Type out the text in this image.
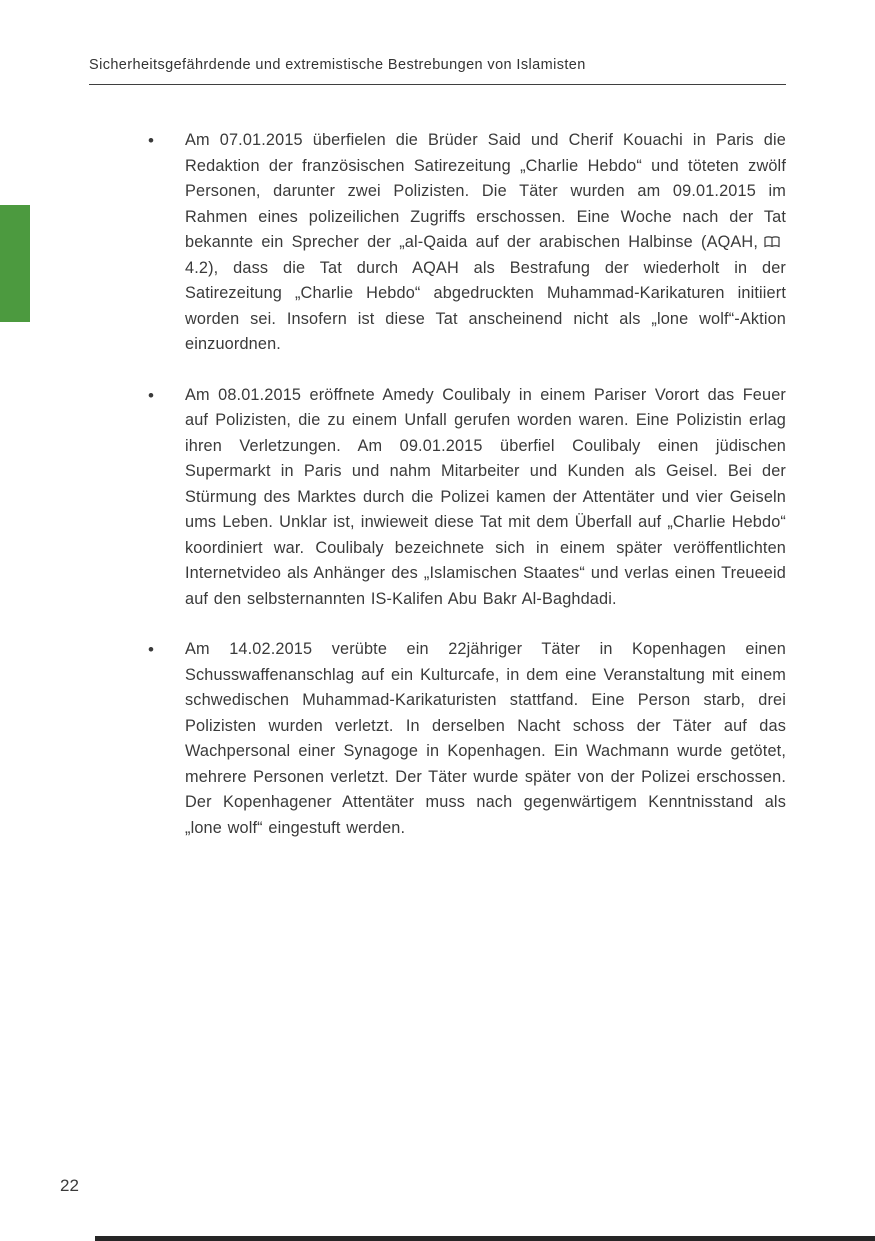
Sicherheitsgefährdende und extremistische Bestrebungen von Islamisten
•	Am 07.01.2015 überfielen die Brüder Said und Cherif Kouachi in Paris die Redaktion der französischen Satirezeitung „Charlie Hebdo“ und töteten zwölf Personen, darunter zwei Polizisten. Die Täter wurden am 09.01.2015 im Rahmen eines polizeilichen Zugriffs erschossen. Eine Woche nach der Tat bekannte ein Sprecher der „al-Qaida auf der arabischen Halbinse (AQAH,4.2), dass die Tat durch AQAH als Bestrafung der wiederholt in der Satirezeitung „Charlie Hebdo“ abgedruckten Muhammad-Karikaturen initiiert worden sei. Insofern ist diese Tat anscheinend nicht als „lone wolf“-Aktion einzuordnen.

•	Am 08.01.2015 eröffnete Amedy Coulibaly in einem Pariser Vorort das Feuer auf Polizisten, die zu einem Unfall gerufen worden waren. Eine Polizistin erlag ihren Verletzungen. Am 09.01.2015 überfiel Coulibaly einen jüdischen Supermarkt in Paris und nahm Mitarbeiter und Kunden als Geisel. Bei der Stürmung des Marktes durch die Polizei kamen der Attentäter und vier Geiseln ums Leben. Unklar ist, inwieweit diese Tat mit dem Überfall auf „Charlie Hebdo“ koordiniert war. Coulibaly bezeichnete sich in einem später veröffentlichten Internetvideo als Anhänger des „Islamischen Staates“ und verlas einen Treueeid auf den selbsternannten IS-Kalifen Abu Bakr Al-Baghdadi.

•	Am 14.02.2015 verübte ein 22jähriger Täter in Kopenhagen einen Schusswaffenanschlag auf ein Kulturcafe, in dem eine Veranstaltung mit einem schwedischen Muhammad-Karikaturisten stattfand. Eine Person starb, drei Polizisten wurden verletzt. In derselben Nacht schoss der Täter auf das Wachpersonal einer Synagoge in Kopenhagen. Ein Wachmann wurde getötet, mehrere Personen verletzt. Der Täter wurde später von der Polizei erschossen. Der Kopenhagener Attentäter muss nach gegenwärtigem Kenntnisstand als „lone wolf“ eingestuft werden.

22
